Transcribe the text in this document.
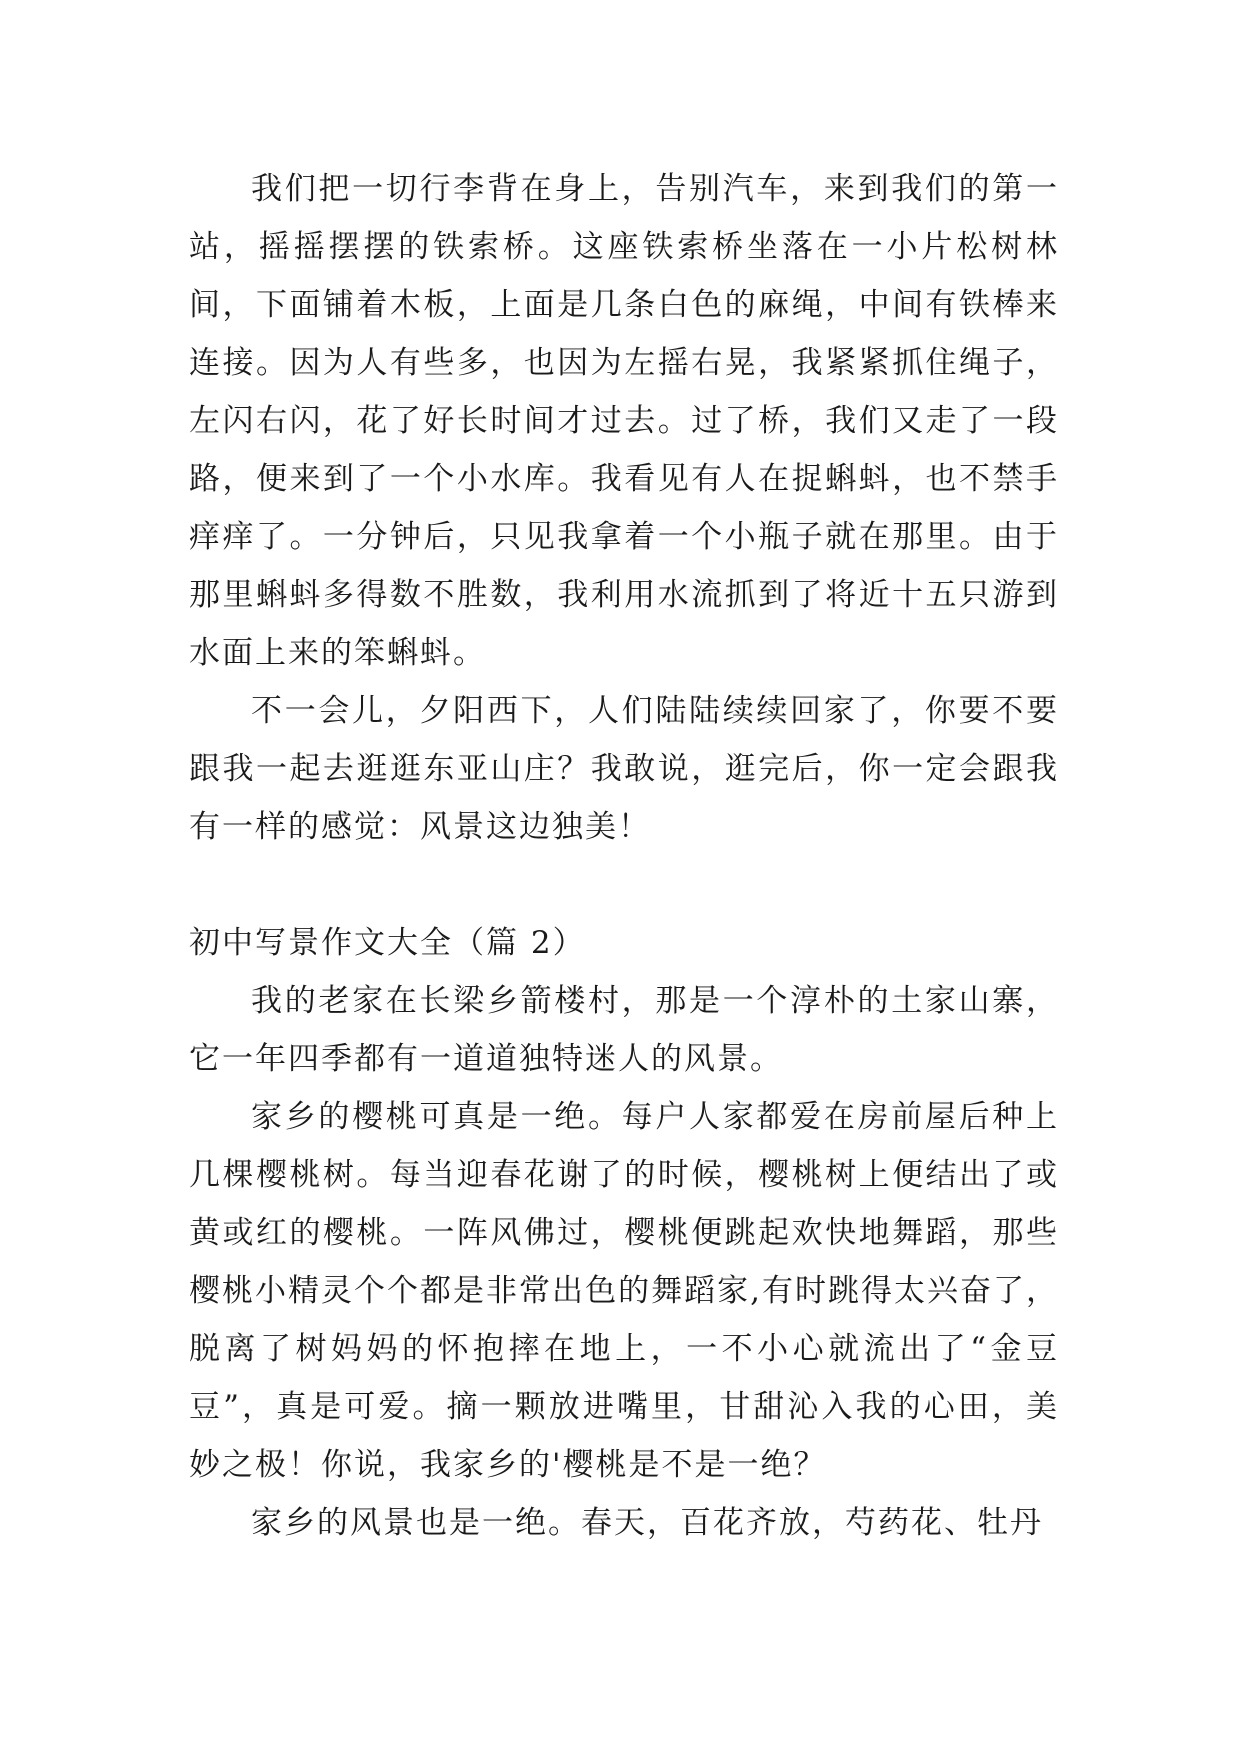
我们把一切行李背在身上，告别汽车，来到我们的第一站，摇摇摆摆的铁索桥。这座铁索桥坐落在一小片松树林间，下面铺着木板，上面是几条白色的麻绳，中间有铁棒来连接。因为人有些多，也因为左摇右晃，我紧紧抓住绳子，左闪右闪，花了好长时间才过去。过了桥，我们又走了一段路，便来到了一个小水库。我看见有人在捉蝌蚪，也不禁手痒痒了。一分钟后，只见我拿着一个小瓶子就在那里。由于那里蝌蚪多得数不胜数，我利用水流抓到了将近十五只游到水面上来的笨蝌蚪。

不一会儿，夕阳西下，人们陆陆续续回家了，你要不要跟我一起去逛逛东亚山庄？我敢说，逛完后，你一定会跟我有一样的感觉：风景这边独美！

初中写景作文大全（篇 2）

我的老家在长梁乡箭楼村，那是一个淳朴的土家山寨，它一年四季都有一道道独特迷人的风景。

家乡的樱桃可真是一绝。每户人家都爱在房前屋后种上几棵樱桃树。每当迎春花谢了的时候，樱桃树上便结出了或黄或红的樱桃。一阵风佛过，樱桃便跳起欢快地舞蹈，那些樱桃小精灵个个都是非常出色的舞蹈家,有时跳得太兴奋了，脱离了树妈妈的怀抱摔在地上，一不小心就流出了“金豆豆”，真是可爱。摘一颗放进嘴里，甘甜沁入我的心田，美妙之极！你说，我家乡的'樱桃是不是一绝？

家乡的风景也是一绝。春天，百花齐放，芍药花、牡丹
